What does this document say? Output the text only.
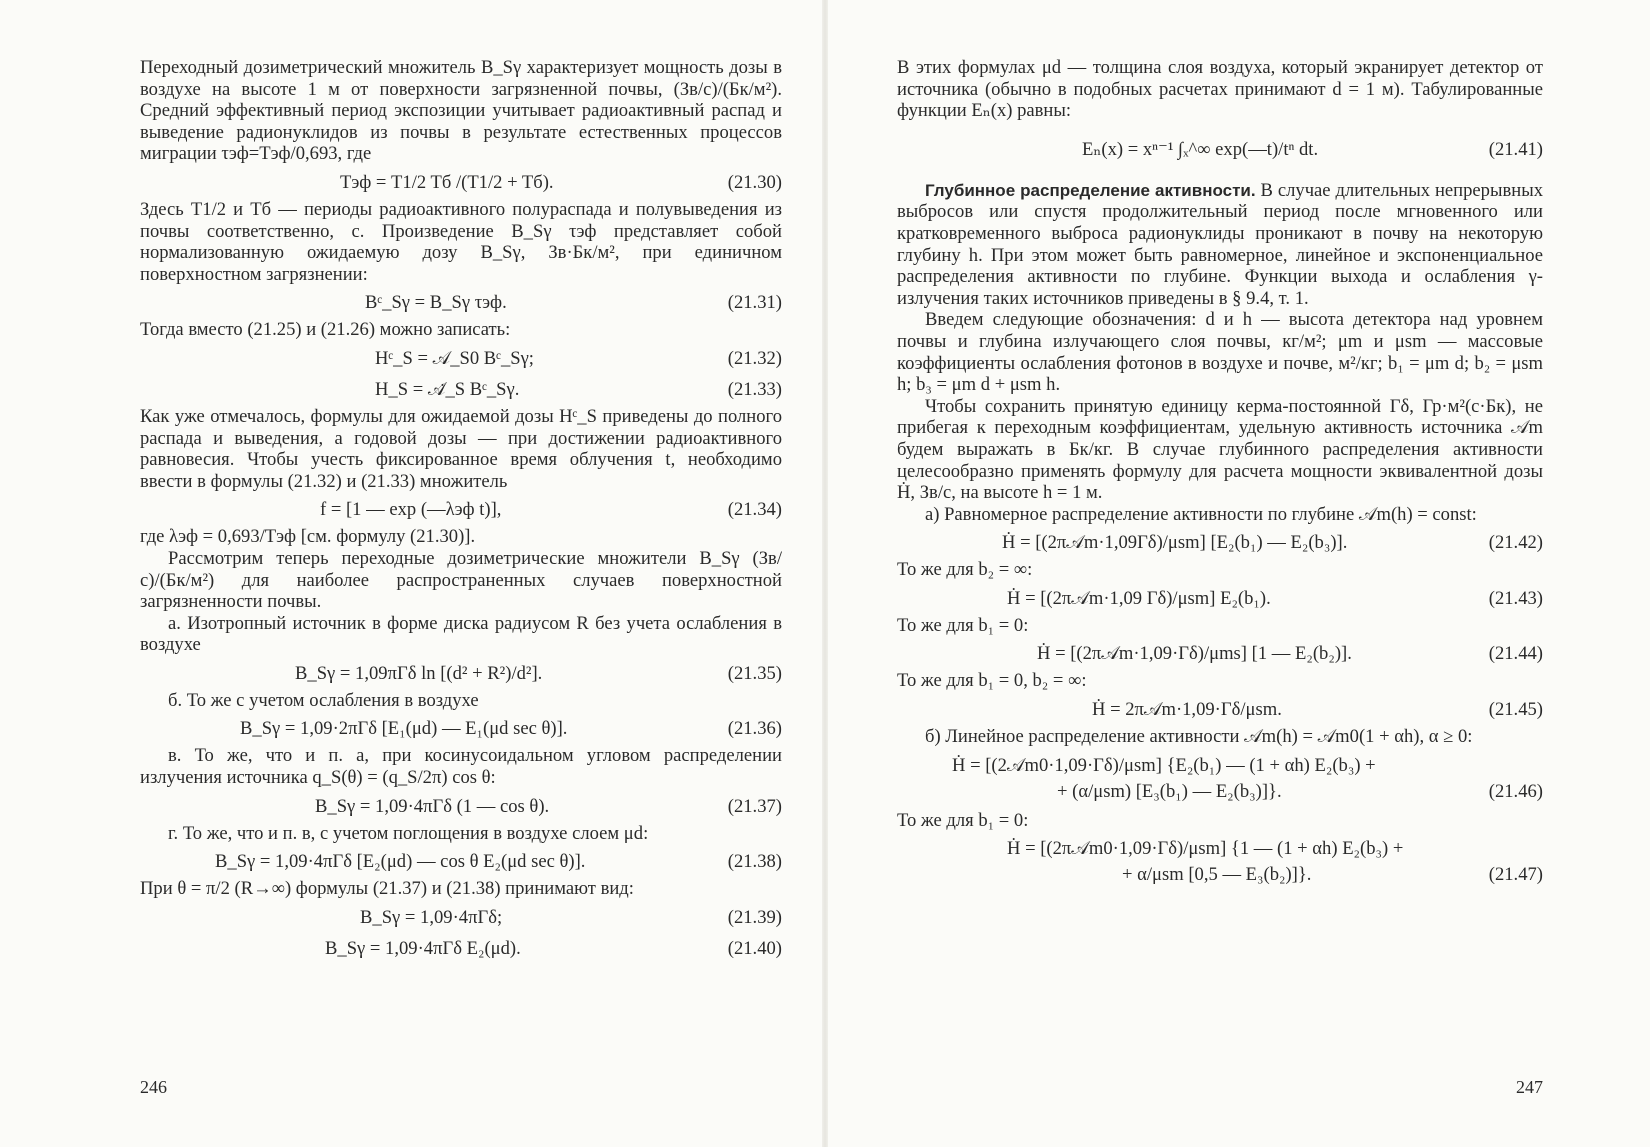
Переходный дозиметрический множитель B_Sγ характеризует мощность дозы в воздухе на высоте 1 м от поверхности загрязненной почвы, (Зв/с)/(Бк/м²). Средний эффективный период экспозиции учитывает радиоактивный распад и выведение радионуклидов из почвы в результате естественных процессов миграции τэф=Tэф/0,693, где

Tэф = T1/2 Tб /(T1/2 + Tб).	(21.30)

Здесь T1/2 и Tб — периоды радиоактивного полураспада и полувыведения из почвы соответственно, с. Произведение B_Sγ τэф представляет собой нормализованную ожидаемую дозу B_Sγ, Зв·Бк/м², при единичном поверхностном загрязнении:

Bᶜ_Sγ = B_Sγ τэф.	(21.31)

Тогда вместо (21.25) и (21.26) можно записать:

Hᶜ_S = 𝒜_S0 Bᶜ_Sγ;	(21.32)
H_S = 𝒜̇_S Bᶜ_Sγ.	(21.33)

Как уже отмечалось, формулы для ожидаемой дозы Hᶜ_S приведены до полного распада и выведения, а годовой дозы — при достижении радиоактивного равновесия. Чтобы учесть фиксированное время облучения t, необходимо ввести в формулы (21.32) и (21.33) множитель

f = [1 — exp (—λэф t)],	(21.34)

где λэф = 0,693/Tэф [см. формулу (21.30)].

Рассмотрим теперь переходные дозиметрические множители B_Sγ (Зв/с)/(Бк/м²) для наиболее распространенных случаев поверхностной загрязненности почвы.

а. Изотропный источник в форме диска радиусом R без учета ослабления в воздухе

B_Sγ = 1,09πΓδ ln [(d² + R²)/d²].	(21.35)

б. То же с учетом ослабления в воздухе

B_Sγ = 1,09·2πΓδ [E₁(μd) — E₁(μd sec θ)].	(21.36)

в. То же, что и п. а, при косинусоидальном угловом распределении излучения источника q_S(θ) = (q_S/2π) cos θ:

B_Sγ = 1,09·4πΓδ (1 — cos θ).	(21.37)

г. То же, что и п. в, с учетом поглощения в воздухе слоем μd:

B_Sγ = 1,09·4πΓδ [E₂(μd) — cos θ E₂(μd sec θ)].	(21.38)

При θ = π/2 (R→∞) формулы (21.37) и (21.38) принимают вид:

B_Sγ = 1,09·4πΓδ;	(21.39)
B_Sγ = 1,09·4πΓδ E₂(μd).	(21.40)
246

В этих формулах μd — толщина слоя воздуха, который экранирует детектор от источника (обычно в подобных расчетах принимают d = 1 м). Табулированные функции Eₙ(x) равны:

Eₙ(x) = xⁿ⁻¹ ∫ₓ^∞ exp(—t)/tⁿ dt.	(21.41)

Глубинное распределение активности. В случае длительных непрерывных выбросов или спустя продолжительный период после мгновенного или кратковременного выброса радионуклиды проникают в почву на некоторую глубину h. При этом может быть равномерное, линейное и экспоненциальное распределения активности по глубине. Функции выхода и ослабления γ-излучения таких источников приведены в § 9.4, т. 1.

Введем следующие обозначения: d и h — высота детектора над уровнем почвы и глубина излучающего слоя почвы, кг/м²; μm и μsm — массовые коэффициенты ослабления фотонов в воздухе и почве, м²/кг; b₁ = μm d; b₂ = μsm h; b₃ = μm d + μsm h.

Чтобы сохранить принятую единицу керма-постоянной Γδ, Гр·м²(с·Бк), не прибегая к переходным коэффициентам, удельную активность источника 𝒜m будем выражать в Бк/кг. В случае глубинного распределения активности целесообразно применять формулу для расчета мощности эквивалентной дозы Ḣ, Зв/с, на высоте h = 1 м.

а) Равномерное распределение активности по глубине 𝒜m(h) = const:

Ḣ = [(2π𝒜m·1,09Γδ)/μsm] [E₂(b₁) — E₂(b₃)].	(21.42)

То же для b₂ = ∞:

Ḣ = [(2π𝒜m·1,09 Γδ)/μsm] E₂(b₁).	(21.43)

То же для b₁ = 0:

Ḣ = [(2π𝒜m·1,09·Γδ)/μms] [1 — E₂(b₂)].	(21.44)

То же для b₁ = 0, b₂ = ∞:

Ḣ = 2π𝒜m·1,09·Γδ/μsm.	(21.45)

б) Линейное распределение активности 𝒜m(h) = 𝒜m0(1 + αh), α ≥ 0:

Ḣ = [(2𝒜m0·1,09·Γδ)/μsm] {E₂(b₁) — (1 + αh) E₂(b₃) +
+ (α/μsm) [E₃(b₁) — E₂(b₃)]}.	(21.46)

То же для b₁ = 0:

Ḣ = [(2π𝒜m0·1,09·Γδ)/μsm] {1 — (1 + αh) E₂(b₃) +
+ α/μsm [0,5 — E₃(b₂)]}.	(21.47)
247
